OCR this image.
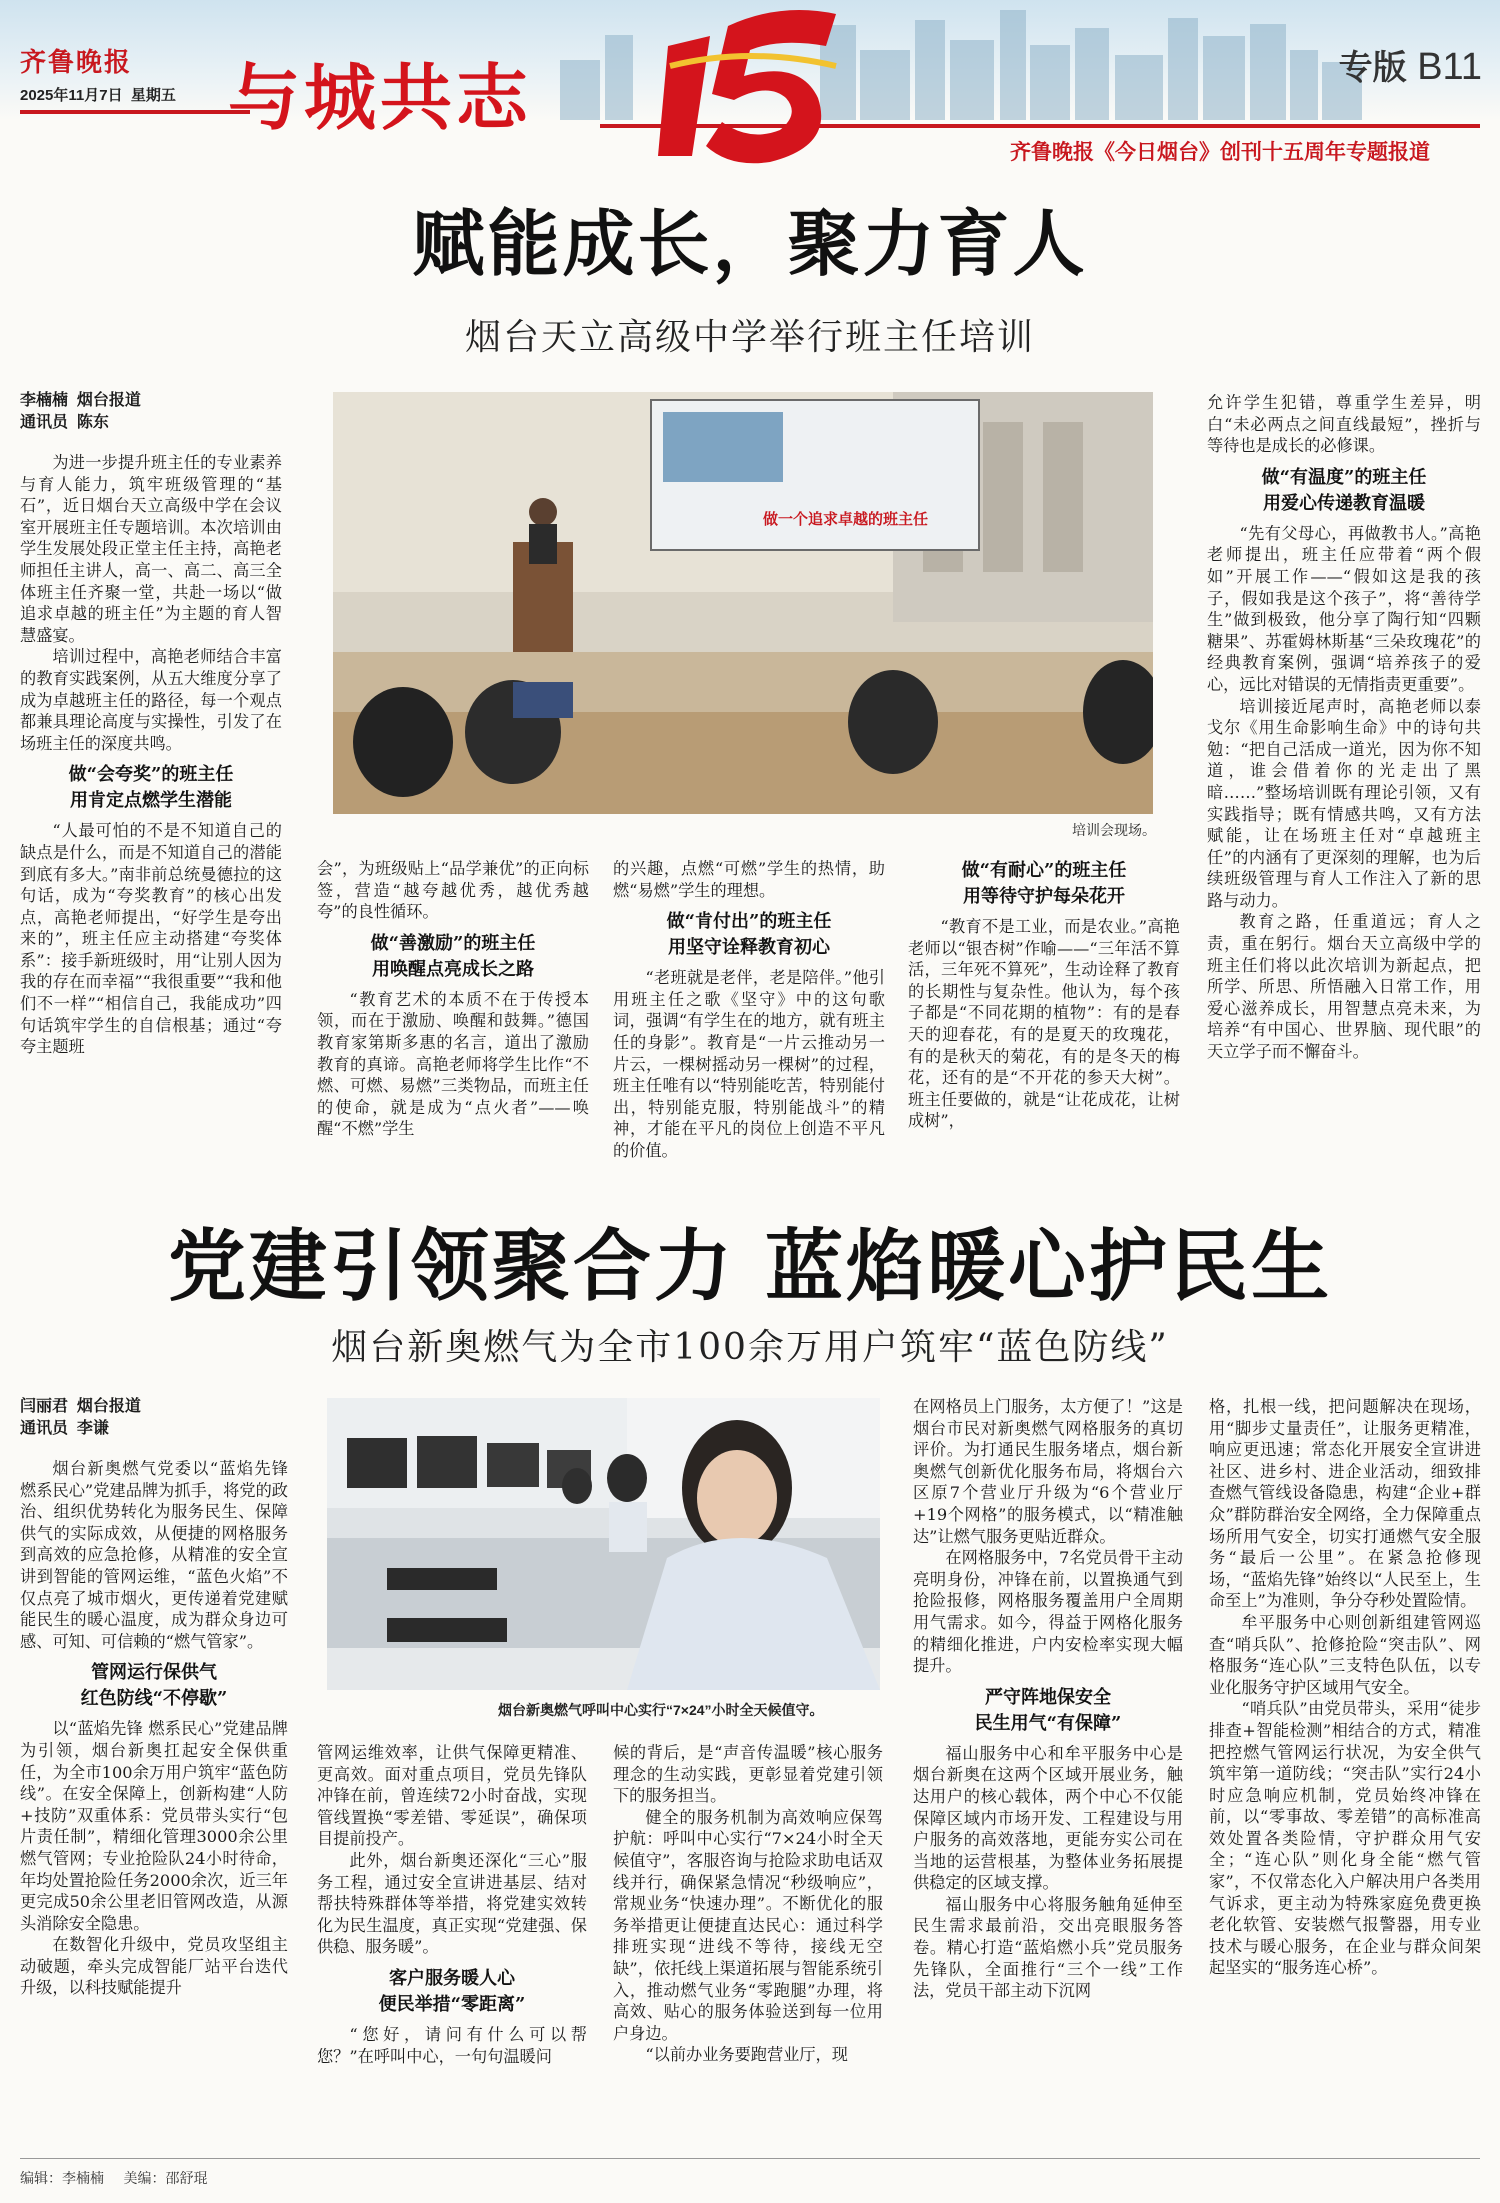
齐鲁晚报
2025年11月7日 星期五 与城共志	专版 B11
齐鲁晚报《今日烟台》创刊十五周年专题报道
赋能成长，聚力育人
烟台天立高级中学举行班主任培训
李楠楠 烟台报道
通讯员 陈东

为进一步提升班主任的专业素养与育人能力，筑牢班级管理的“基石”，近日烟台天立高级中学在会议室开展班主任专题培训。本次培训由学生发展处段正堂主任主持，高艳老师担任主讲人，高一、高二、高三全体班主任齐聚一堂，共赴一场以“做追求卓越的班主任”为主题的育人智慧盛宴。

培训过程中，高艳老师结合丰富的教育实践案例，从五大维度分享了成为卓越班主任的路径，每一个观点都兼具理论高度与实操性，引发了在场班主任的深度共鸣。

做“会夸奖”的班主任
用肯定点燃学生潜能

“人最可怕的不是不知道自己的缺点是什么，而是不知道自己的潜能到底有多大。”南非前总统曼德拉的这句话，成为“夸奖教育”的核心出发点，高艳老师提出，“好学生是夸出来的”，班主任应主动搭建“夸奖体系”：接手新班级时，用“让别人因为我的存在而幸福”“我很重要”“我和他们不一样”“相信自己，我能成功”四句话筑牢学生的自信根基；通过“夸夸主题班

做一个追求卓越的班主任
培训会现场。

会”，为班级贴上“品学兼优”的正向标签，营造“越夸越优秀，越优秀越夸”的良性循环。

做“善激励”的班主任
用唤醒点亮成长之路

“教育艺术的本质不在于传授本领，而在于激励、唤醒和鼓舞。”德国教育家第斯多惠的名言，道出了激励教育的真谛。高艳老师将学生比作“不燃、可燃、易燃”三类物品，而班主任的使命，就是成为“点火者”——唤醒“不燃”学生

的兴趣，点燃“可燃”学生的热情，助燃“易燃”学生的理想。

做“肯付出”的班主任
用坚守诠释教育初心

“老班就是老伴，老是陪伴。”他引用班主任之歌《坚守》中的这句歌词，强调“有学生在的地方，就有班主任的身影”。教育是“一片云推动另一片云，一棵树摇动另一棵树”的过程，班主任唯有以“特别能吃苦，特别能付出，特别能克服，特别能战斗”的精神，才能在平凡的岗位上创造不平凡的价值。

做“有耐心”的班主任
用等待守护每朵花开

“教育不是工业，而是农业。”高艳老师以“银杏树”作喻——“三年活不算活，三年死不算死”，生动诠释了教育的长期性与复杂性。他认为，每个孩子都是“不同花期的植物”：有的是春天的迎春花，有的是夏天的玫瑰花，有的是秋天的菊花，有的是冬天的梅花，还有的是“不开花的参天大树”。班主任要做的，就是“让花成花，让树成树”，

允许学生犯错，尊重学生差异，明白“未必两点之间直线最短”，挫折与等待也是成长的必修课。

做“有温度”的班主任
用爱心传递教育温暖

“先有父母心，再做教书人。”高艳老师提出，班主任应带着“两个假如”开展工作——“假如这是我的孩子，假如我是这个孩子”，将“善待学生”做到极致，他分享了陶行知“四颗糖果”、苏霍姆林斯基“三朵玫瑰花”的经典教育案例，强调“培养孩子的爱心，远比对错误的无情指责更重要”。

培训接近尾声时，高艳老师以泰戈尔《用生命影响生命》中的诗句共勉：“把自己活成一道光，因为你不知道，谁会借着你的光走出了黑暗……”整场培训既有理论引领，又有实践指导；既有情感共鸣，又有方法赋能，让在场班主任对“卓越班主任”的内涵有了更深刻的理解，也为后续班级管理与育人工作注入了新的思路与动力。

教育之路，任重道远；育人之责，重在躬行。烟台天立高级中学的班主任们将以此次培训为新起点，把所学、所思、所悟融入日常工作，用爱心滋养成长，用智慧点亮未来，为培养“有中国心、世界脑、现代眼”的天立学子而不懈奋斗。

党建引领聚合力 蓝焰暖心护民生
烟台新奥燃气为全市100余万用户筑牢“蓝色防线”
闫丽君 烟台报道
通讯员 李谦

烟台新奥燃气党委以“蓝焰先锋 燃系民心”党建品牌为抓手，将党的政治、组织优势转化为服务民生、保障供气的实际成效，从便捷的网格服务到高效的应急抢修，从精准的安全宣讲到智能的管网运维，“蓝色火焰”不仅点亮了城市烟火，更传递着党建赋能民生的暖心温度，成为群众身边可感、可知、可信赖的“燃气管家”。

管网运行保供气
红色防线“不停歇”

以“蓝焰先锋 燃系民心”党建品牌为引领，烟台新奥扛起安全保供重任，为全市100余万用户筑牢“蓝色防线”。在安全保障上，创新构建“人防+技防”双重体系：党员带头实行“包片责任制”，精细化管理3000余公里燃气管网；专业抢险队24小时待命，年均处置抢险任务2000余次，近三年更完成50余公里老旧管网改造，从源头消除安全隐患。

在数智化升级中，党员攻坚组主动破题，牵头完成智能厂站平台迭代升级，以科技赋能提升

烟台新奥燃气呼叫中心实行“7×24”小时全天候值守。

管网运维效率，让供气保障更精准、更高效。面对重点项目，党员先锋队冲锋在前，曾连续72小时奋战，实现管线置换“零差错、零延误”，确保项目提前投产。

此外，烟台新奥还深化“三心”服务工程，通过安全宣讲进基层、结对帮扶特殊群体等举措，将党建实效转化为民生温度，真正实现“党建强、保供稳、服务暖”。

客户服务暖人心
便民举措“零距离”

“您好，请问有什么可以帮您？”在呼叫中心，一句句温暖问

候的背后，是“声音传温暖”核心服务理念的生动实践，更彰显着党建引领下的服务担当。

健全的服务机制为高效响应保驾护航：呼叫中心实行“7×24小时全天候值守”，客服咨询与抢险求助电话双线并行，确保紧急情况“秒级响应”，常规业务“快速办理”。不断优化的服务举措更让便捷直达民心：通过科学排班实现“进线不等待，接线无空缺”，依托线上渠道拓展与智能系统引入，推动燃气业务“零跑腿”办理，将高效、贴心的服务体验送到每一位用户身边。

“以前办业务要跑营业厅，现

在网格员上门服务，太方便了！”这是烟台市民对新奥燃气网格服务的真切评价。为打通民生服务堵点，烟台新奥燃气创新优化服务布局，将烟台六区原7个营业厅升级为“6个营业厅+19个网格”的服务模式，以“精准触达”让燃气服务更贴近群众。

在网格服务中，7名党员骨干主动亮明身份，冲锋在前，以置换通气到抢险报修，网格服务覆盖用户全周期用气需求。如今，得益于网格化服务的精细化推进，户内安检率实现大幅提升。

严守阵地保安全
民生用气“有保障”

福山服务中心和牟平服务中心是烟台新奥在这两个区域开展业务，触达用户的核心载体，两个中心不仅能保障区域内市场开发、工程建设与用户服务的高效落地，更能夯实公司在当地的运营根基，为整体业务拓展提供稳定的区域支撑。

福山服务中心将服务触角延伸至民生需求最前沿，交出亮眼服务答卷。精心打造“蓝焰燃小兵”党员服务先锋队，全面推行“三个一线”工作法，党员干部主动下沉网

格，扎根一线，把问题解决在现场，用“脚步丈量责任”，让服务更精准，响应更迅速；常态化开展安全宣讲进社区、进乡村、进企业活动，细致排查燃气管线设备隐患，构建“企业+群众”群防群治安全网络，全力保障重点场所用气安全，切实打通燃气安全服务“最后一公里”。在紧急抢修现场，“蓝焰先锋”始终以“人民至上，生命至上”为准则，争分夺秒处置险情。

牟平服务中心则创新组建管网巡查“哨兵队”、抢修抢险“突击队”、网格服务“连心队”三支特色队伍，以专业化服务守护区域用气安全。

“哨兵队”由党员带头，采用“徒步排查+智能检测”相结合的方式，精准把控燃气管网运行状况，为安全供气筑牢第一道防线；“突击队”实行24小时应急响应机制，党员始终冲锋在前，以“零事故、零差错”的高标准高效处置各类险情，守护群众用气安全；“连心队”则化身全能“燃气管家”，不仅常态化入户解决用户各类用气诉求，更主动为特殊家庭免费更换老化软管、安装燃气报警器，用专业技术与暖心服务，在企业与群众间架起坚实的“服务连心桥”。

编辑：李楠楠 美编：邵舒琨
